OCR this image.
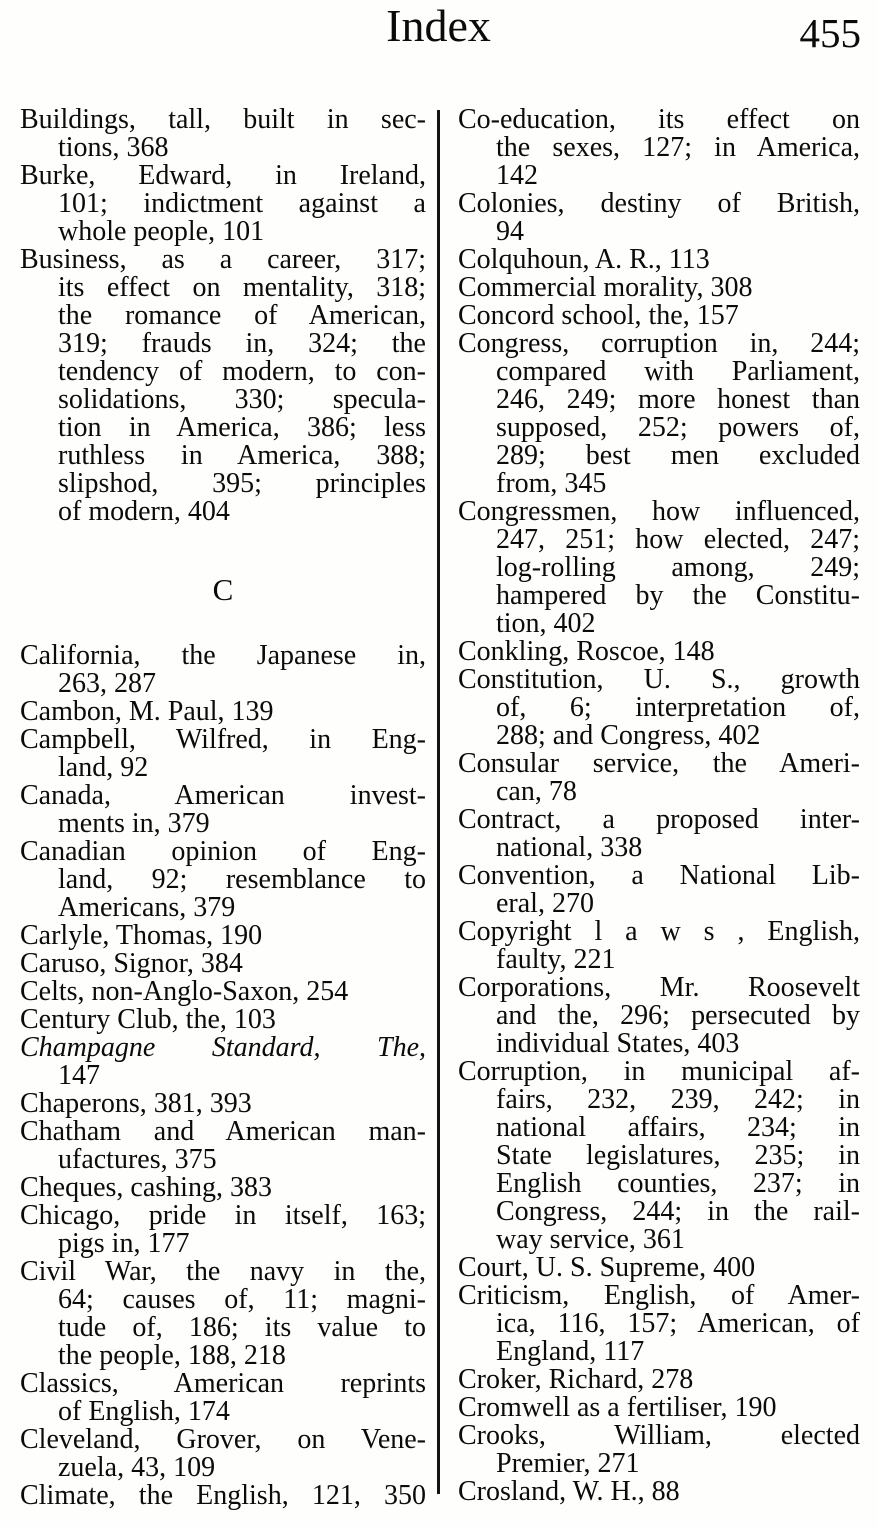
Index	455

Buildings, tall, built in sec-
tions, 368

Burke, Edward, in Ireland,
101; indictment against a
whole people, 101

Business, as a career, 317;
its effect on mentality, 318;
the romance of American,
319; frauds in, 324; the
tendency of modern, to con-
solidations, 330; specula-
tion in America, 386; less
ruthless in America, 388;
slipshod, 395; principles
of modern, 404

C

California, the Japanese in,
263, 287

Cambon, M. Paul, 139

Campbell, Wilfred, in Eng-
land, 92

Canada, American invest-
ments in, 379

Canadian opinion of Eng-
land, 92; resemblance to
Americans, 379

Carlyle, Thomas, 190

Caruso, Signor, 384

Celts, non-Anglo-Saxon, 254

Century Club, the, 103

Champagne Standard, The,
147

Chaperons, 381, 393

Chatham and American man-
ufactures, 375

Cheques, cashing, 383

Chicago, pride in itself, 163;
pigs in, 177

Civil War, the navy in the,
64; causes of, 11; magni-
tude of, 186; its value to
the people, 188, 218

Classics, American reprints
of English, 174

Cleveland, Grover, on Vene-
zuela, 43, 109

Climate, the English, 121, 350

Co-education, its effect on
the sexes, 127; in America,
142

Colonies, destiny of British,
94

Colquhoun, A. R., 113

Commercial morality, 308

Concord school, the, 157

Congress, corruption in, 244;
compared with Parliament,
246, 249; more honest than
supposed, 252; powers of,
289; best men excluded
from, 345

Congressmen, how influenced,
247, 251; how elected, 247;
log-rolling among, 249;
hampered by the Constitu-
tion, 402

Conkling, Roscoe, 148

Constitution, U. S., growth
of, 6; interpretation of,
288; and Congress, 402

Consular service, the Ameri-
can, 78

Contract, a proposed inter-
national, 338

Convention, a National Lib-
eral, 270

Copyright l a w s , English,
faulty, 221

Corporations, Mr. Roosevelt
and the, 296; persecuted by
individual States, 403

Corruption, in municipal af-
fairs, 232, 239, 242; in
national affairs, 234; in
State legislatures, 235; in
English counties, 237; in
Congress, 244; in the rail-
way service, 361

Court, U. S. Supreme, 400

Criticism, English, of Amer-
ica, 116, 157; American, of
England, 117

Croker, Richard, 278

Cromwell as a fertiliser, 190

Crooks, William, elected
Premier, 271

Crosland, W. H., 88
